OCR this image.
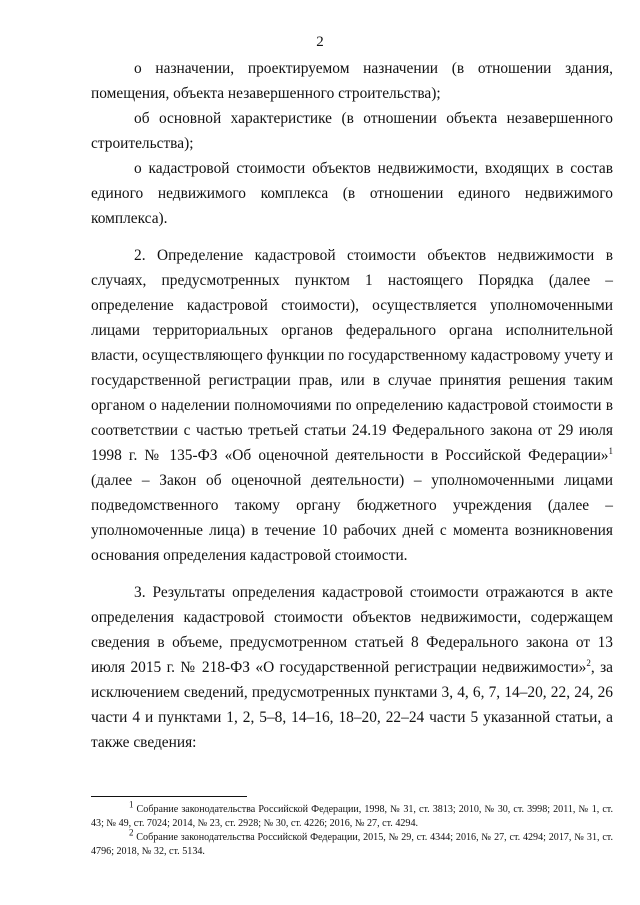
2

о назначении, проектируемом назначении (в отношении здания, помещения, объекта незавершенного строительства);

об основной характеристике (в отношении объекта незавершенного строительства);

о кадастровой стоимости объектов недвижимости, входящих в состав единого недвижимого комплекса (в отношении единого недвижимого комплекса).

2. Определение кадастровой стоимости объектов недвижимости в случаях, предусмотренных пунктом 1 настоящего Порядка (далее – определение кадастровой стоимости), осуществляется уполномоченными лицами территориальных органов федерального органа исполнительной власти, осуществляющего функции по государственному кадастровому учету и государственной регистрации прав, или в случае принятия решения таким органом о наделении полномочиями по определению кадастровой стоимости в соответствии с частью третьей статьи 24.19 Федерального закона от 29 июля 1998 г. № 135-ФЗ «Об оценочной деятельности в Российской Федерации»$^1$ (далее – Закон об оценочной деятельности) – уполномоченными лицами подведомственного такому органу бюджетного учреждения (далее – уполномоченные лица) в течение 10 рабочих дней с момента возникновения основания определения кадастровой стоимости.

3. Результаты определения кадастровой стоимости отражаются в акте определения кадастровой стоимости объектов недвижимости, содержащем сведения в объеме, предусмотренном статьей 8 Федерального закона от 13 июля 2015 г. № 218-ФЗ «О государственной регистрации недвижимости»$^2$, за исключением сведений, предусмотренных пунктами 3, 4, 6, 7, 14–20, 22, 24, 26 части 4 и пунктами 1, 2, 5–8, 14–16, 18–20, 22–24 части 5 указанной статьи, а также сведения:

$^1$ Собрание законодательства Российской Федерации, 1998, № 31, ст. 3813; 2010, № 30, ст. 3998; 2011, № 1, ст. 43; № 49, ст. 7024; 2014, № 23, ст. 2928; № 30, ст. 4226; 2016, № 27, ст. 4294.

$^2$ Собрание законодательства Российской Федерации, 2015, № 29, ст. 4344; 2016, № 27, ст. 4294; 2017, № 31, ст. 4796; 2018, № 32, ст. 5134.
